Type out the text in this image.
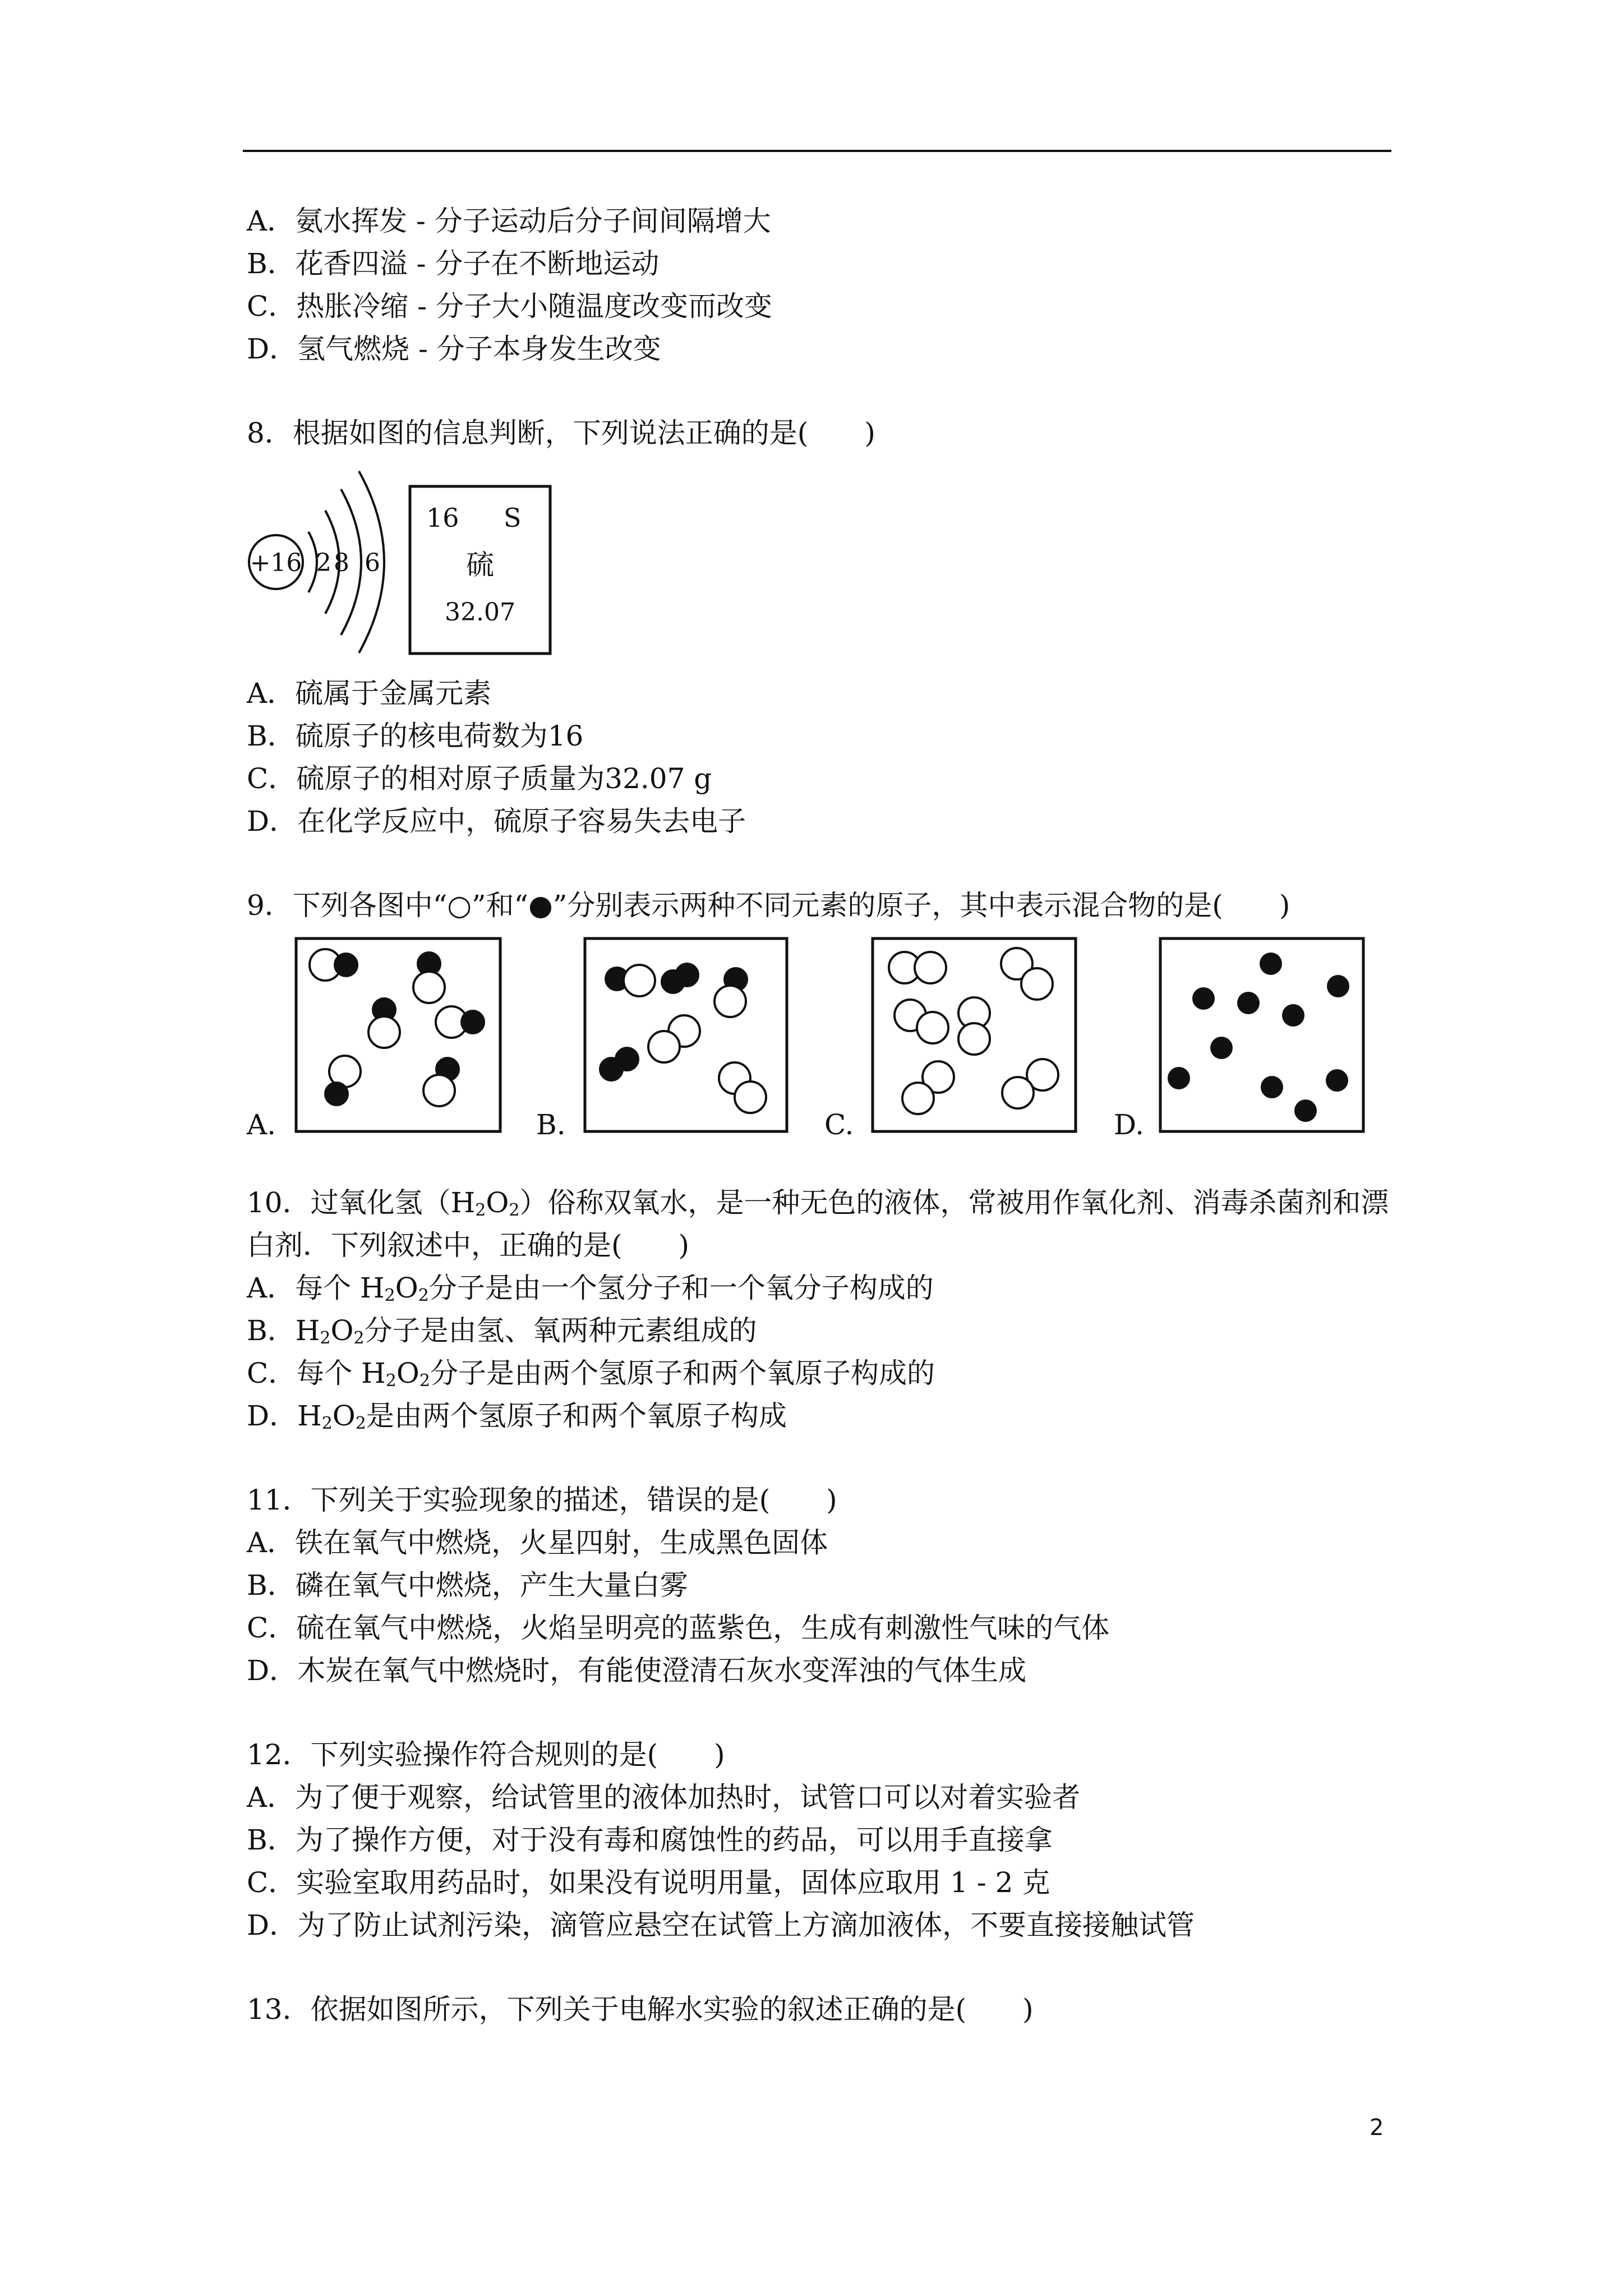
A．氨水挥发 - 分子运动后分子间间隔增大
B．花香四溢 - 分子在不断地运动
C．热胀冷缩 - 分子大小随温度改变而改变
D．氢气燃烧 - 分子本身发生改变
8．根据如图的信息判断，下列说法正确的是(　　)
+16 2 8 6
16 S
硫
32.07
A．硫属于金属元素
B．硫原子的核电荷数为16
C．硫原子的相对原子质量为32.07 g
D．在化学反应中，硫原子容易失去电子
9．下列各图中“○”和“●”分别表示两种不同元素的原子，其中表示混合物的是(　　)
A.	B.	C.	D.
10．过氧化氢$(H_2O_2)$俗称双氧水，是一种无色的液体，常被用作氧化剂、消毒杀菌剂和漂
白剂．下列叙述中，正确的是(　　)
A．每个 $H_2O_2$分子是由一个氢分子和一个氧分子构成的
B．$H_2O_2$分子是由氢、氧两种元素组成的
C．每个 $H_2O_2$分子是由两个氢原子和两个氧原子构成的
D．$H_2O_2$是由两个氢原子和两个氧原子构成
11．下列关于实验现象的描述，错误的是(　　)
A．铁在氧气中燃烧，火星四射，生成黑色固体
B．磷在氧气中燃烧，产生大量白雾
C．硫在氧气中燃烧，火焰呈明亮的蓝紫色，生成有刺激性气味的气体
D．木炭在氧气中燃烧时，有能使澄清石灰水变浑浊的气体生成
12．下列实验操作符合规则的是(　　)
A．为了便于观察，给试管里的液体加热时，试管口可以对着实验者
B．为了操作方便，对于没有毒和腐蚀性的药品，可以用手直接拿
C．实验室取用药品时，如果没有说明用量，固体应取用 1 - 2 克
D．为了防止试剂污染，滴管应悬空在试管上方滴加液体，不要直接接触试管
13．依据如图所示，下列关于电解水实验的叙述正确的是(　　)
2
